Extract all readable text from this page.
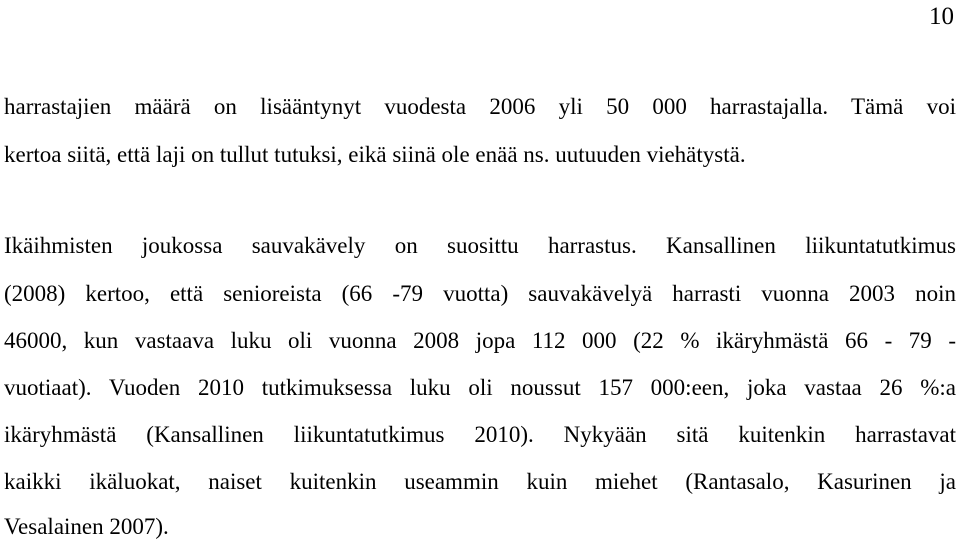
10
harrastajien määrä on lisääntynyt vuodesta 2006 yli 50 000 harrastajalla. Tämä voi
kertoa siitä, että laji on tullut tutuksi, eikä siinä ole enää ns. uutuuden viehätystä.
Ikäihmisten joukossa sauvakävely on suosittu harrastus. Kansallinen liikuntatutkimus
(2008) kertoo, että senioreista (66 -79 vuotta) sauvakävelyä harrasti vuonna 2003 noin
46000, kun vastaava luku oli vuonna 2008 jopa 112 000 (22 % ikäryhmästä 66 - 79 -
vuotiaat). Vuoden 2010 tutkimuksessa luku oli noussut 157 000:een, joka vastaa 26 %:a
ikäryhmästä (Kansallinen liikuntatutkimus 2010). Nykyään sitä kuitenkin harrastavat
kaikki ikäluokat, naiset kuitenkin useammin kuin miehet (Rantasalo, Kasurinen ja
Vesalainen 2007).
